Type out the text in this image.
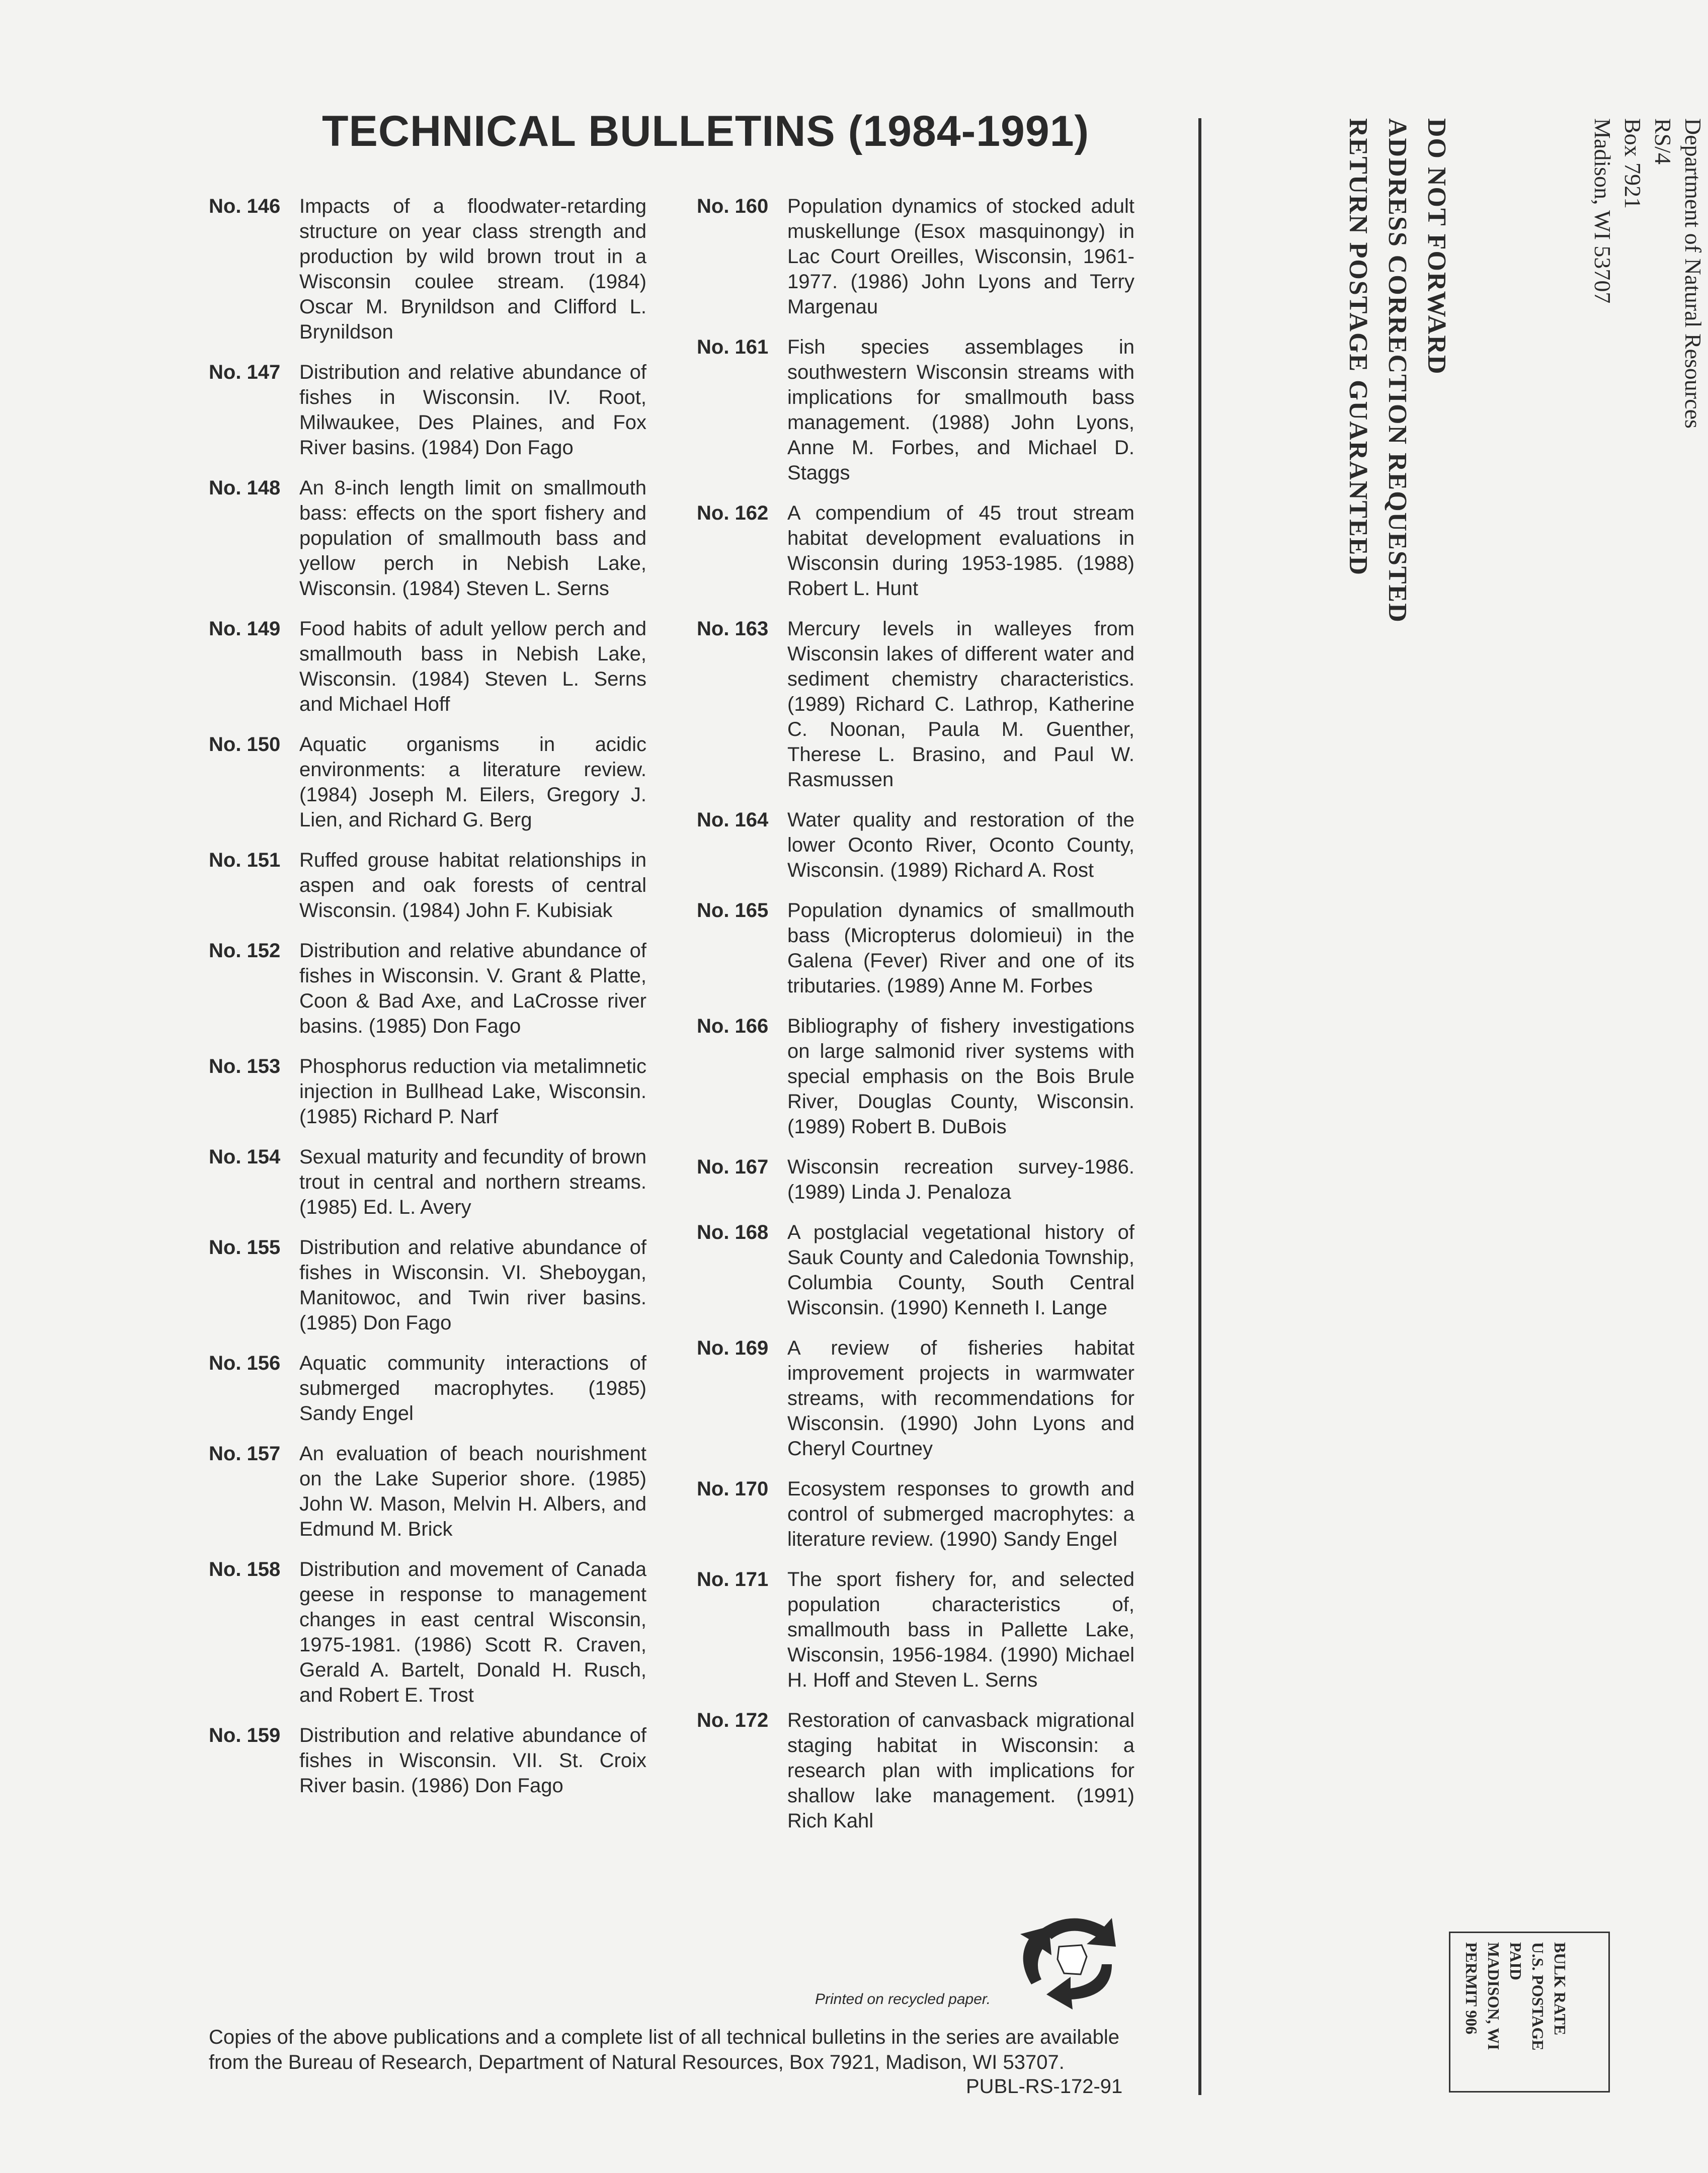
TECHNICAL BULLETINS (1984-1991)
No. 146 Impacts of a floodwater-retarding structure on year class strength and production by wild brown trout in a Wisconsin coulee stream. (1984) Oscar M. Brynildson and Clifford L. Brynildson
No. 147 Distribution and relative abundance of fishes in Wisconsin. IV. Root, Milwaukee, Des Plaines, and Fox River basins. (1984) Don Fago
No. 148 An 8-inch length limit on smallmouth bass: effects on the sport fishery and population of smallmouth bass and yellow perch in Nebish Lake, Wisconsin. (1984) Steven L. Serns
No. 149 Food habits of adult yellow perch and smallmouth bass in Nebish Lake, Wisconsin. (1984) Steven L. Serns and Michael Hoff
No. 150 Aquatic organisms in acidic environments: a literature review. (1984) Joseph M. Eilers, Gregory J. Lien, and Richard G. Berg
No. 151 Ruffed grouse habitat relationships in aspen and oak forests of central Wisconsin. (1984) John F. Kubisiak
No. 152 Distribution and relative abundance of fishes in Wisconsin. V. Grant & Platte, Coon & Bad Axe, and LaCrosse river basins. (1985) Don Fago
No. 153 Phosphorus reduction via metalimnetic injection in Bullhead Lake, Wisconsin. (1985) Richard P. Narf
No. 154 Sexual maturity and fecundity of brown trout in central and northern streams. (1985) Ed. L. Avery
No. 155 Distribution and relative abundance of fishes in Wisconsin. VI. Sheboygan, Manitowoc, and Twin river basins. (1985) Don Fago
No. 156 Aquatic community interactions of submerged macrophytes. (1985) Sandy Engel
No. 157 An evaluation of beach nourishment on the Lake Superior shore. (1985) John W. Mason, Melvin H. Albers, and Edmund M. Brick
No. 158 Distribution and movement of Canada geese in response to management changes in east central Wisconsin, 1975-1981. (1986) Scott R. Craven, Gerald A. Bartelt, Donald H. Rusch, and Robert E. Trost
No. 159 Distribution and relative abundance of fishes in Wisconsin. VII. St. Croix River basin. (1986) Don Fago
No. 160 Population dynamics of stocked adult muskellunge (Esox masquinongy) in Lac Court Oreilles, Wisconsin, 1961-1977. (1986) John Lyons and Terry Margenau
No. 161 Fish species assemblages in southwestern Wisconsin streams with implications for smallmouth bass management. (1988) John Lyons, Anne M. Forbes, and Michael D. Staggs
No. 162 A compendium of 45 trout stream habitat development evaluations in Wisconsin during 1953-1985. (1988) Robert L. Hunt
No. 163 Mercury levels in walleyes from Wisconsin lakes of different water and sediment chemistry characteristics. (1989) Richard C. Lathrop, Katherine C. Noonan, Paula M. Guenther, Therese L. Brasino, and Paul W. Rasmussen
No. 164 Water quality and restoration of the lower Oconto River, Oconto County, Wisconsin. (1989) Richard A. Rost
No. 165 Population dynamics of smallmouth bass (Micropterus dolomieui) in the Galena (Fever) River and one of its tributaries. (1989) Anne M. Forbes
No. 166 Bibliography of fishery investigations on large salmonid river systems with special emphasis on the Bois Brule River, Douglas County, Wisconsin. (1989) Robert B. DuBois
No. 167 Wisconsin recreation survey-1986. (1989) Linda J. Penaloza
No. 168 A postglacial vegetational history of Sauk County and Caledonia Township, Columbia County, South Central Wisconsin. (1990) Kenneth I. Lange
No. 169 A review of fisheries habitat improvement projects in warmwater streams, with recommendations for Wisconsin. (1990) John Lyons and Cheryl Courtney
No. 170 Ecosystem responses to growth and control of submerged macrophytes: a literature review. (1990) Sandy Engel
No. 171 The sport fishery for, and selected population characteristics of, smallmouth bass in Pallette Lake, Wisconsin, 1956-1984. (1990) Michael H. Hoff and Steven L. Serns
No. 172 Restoration of canvasback migrational staging habitat in Wisconsin: a research plan with implications for shallow lake management. (1991) Rich Kahl
Department of Natural Resources
RS/4
Box 7921
Madison, WI 53707
DO NOT FORWARD
ADDRESS CORRECTION REQUESTED
RETURN POSTAGE GUARANTEED
BULK RATE
U.S. POSTAGE
PAID
MADISON, WI
PERMIT 906
Printed on recycled paper.
Copies of the above publications and a complete list of all technical bulletins in the series are available from the Bureau of Research, Department of Natural Resources, Box 7921, Madison, WI 53707.
PUBL-RS-172-91
